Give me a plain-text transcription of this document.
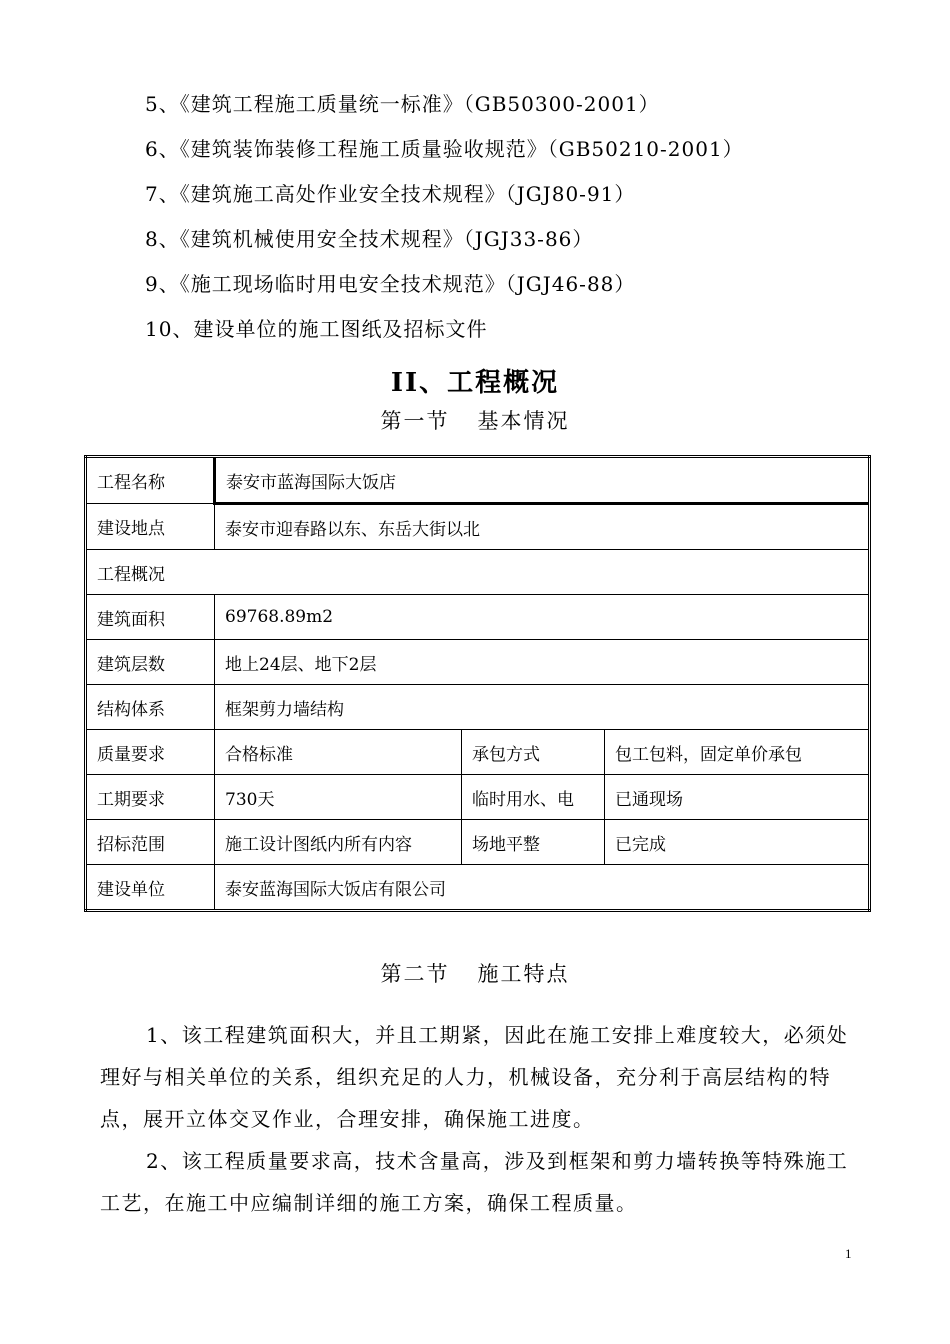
5、《建筑工程施工质量统一标准》（GB50300-2001）
6、《建筑装饰装修工程施工质量验收规范》（GB50210-2001）
7、《建筑施工高处作业安全技术规程》（JGJ80-91）
8、《建筑机械使用安全技术规程》（JGJ33-86）
9、《施工现场临时用电安全技术规范》（JGJ46-88）
10、建设单位的施工图纸及招标文件
II、工程概况
第一节 基本情况
工程名称	泰安市蓝海国际大饭店		
建设地点	泰安市迎春路以东、东岳大街以北		
工程概况			
建筑面积	69768.89m2		
建筑层数	地上24层、地下2层		
结构体系	框架剪力墙结构		
质量要求	合格标准	承包方式	包工包料，固定单价承包
工期要求	730天	临时用水、电	已通现场
招标范围	施工设计图纸内所有内容	场地平整	已完成
建设单位	泰安蓝海国际大饭店有限公司		
第二节 施工特点
1、该工程建筑面积大，并且工期紧，因此在施工安排上难度较大，必须处理好与相关单位的关系，组织充足的人力，机械设备，充分利于高层结构的特点，展开立体交叉作业，合理安排，确保施工进度。
2、该工程质量要求高，技术含量高，涉及到框架和剪力墙转换等特殊施工工艺，在施工中应编制详细的施工方案，确保工程质量。
1
